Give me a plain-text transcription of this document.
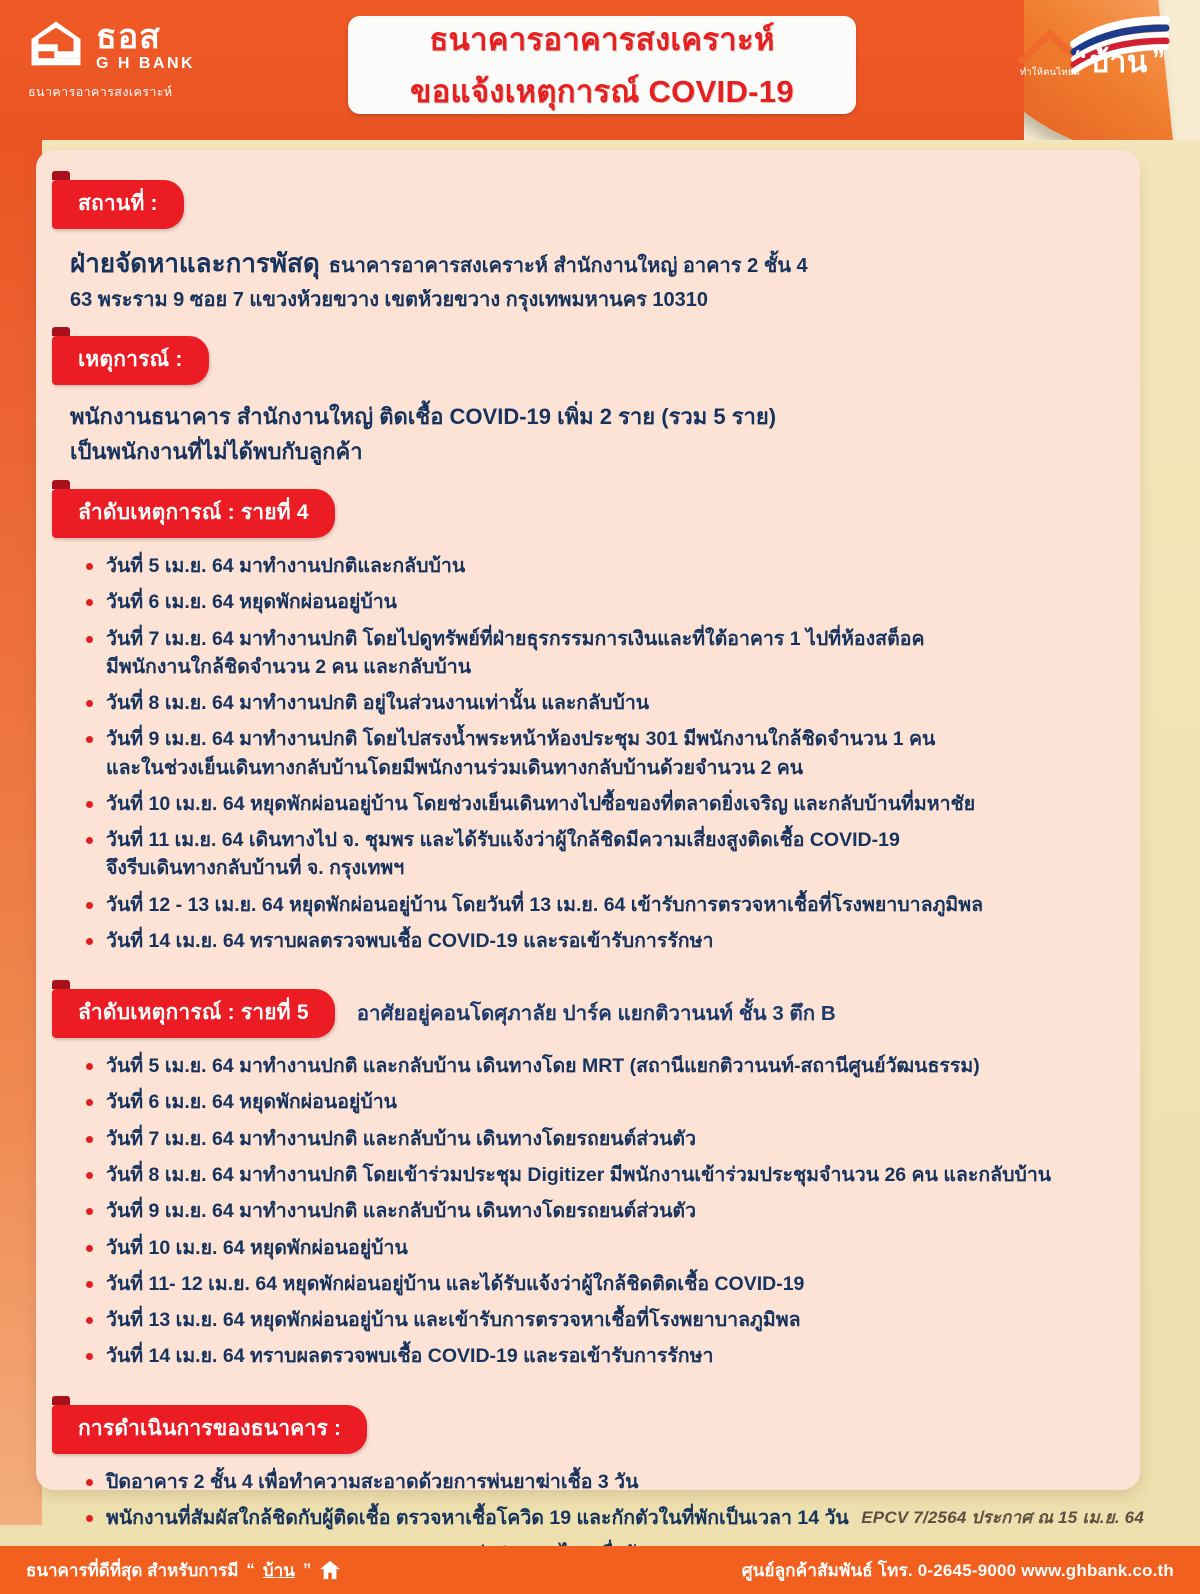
ธอส
G H BANK
ธนาคารอาคารสงเคราะห์
ธนาคารอาคารสงเคราะห์
ขอแจ้งเหตุการณ์ COVID-19
ทำให้คนไทยมี
“ บ้าน ”
สถานที่ :
ฝ่ายจัดหาและการพัสดุ ธนาคารอาคารสงเคราะห์ สำนักงานใหญ่ อาคาร 2 ชั้น 4
63 พระราม 9 ซอย 7 แขวงห้วยขวาง เขตห้วยขวาง กรุงเทพมหานคร 10310
เหตุการณ์ :
พนักงานธนาคาร สำนักงานใหญ่ ติดเชื้อ COVID-19 เพิ่ม 2 ราย (รวม 5 ราย)
เป็นพนักงานที่ไม่ได้พบกับลูกค้า
ลำดับเหตุการณ์ : รายที่ 4
วันที่ 5 เม.ย. 64 มาทำงานปกติและกลับบ้าน
วันที่ 6 เม.ย. 64 หยุดพักผ่อนอยู่บ้าน
วันที่ 7 เม.ย. 64 มาทำงานปกติ โดยไปดูทรัพย์ที่ฝ่ายธุรกรรมการเงินและที่ใต้อาคาร 1 ไปที่ห้องสต็อค
มีพนักงานใกล้ชิดจำนวน 2 คน และกลับบ้าน
วันที่ 8 เม.ย. 64 มาทำงานปกติ อยู่ในส่วนงานเท่านั้น และกลับบ้าน
วันที่ 9 เม.ย. 64 มาทำงานปกติ โดยไปสรงน้ำพระหน้าห้องประชุม 301 มีพนักงานใกล้ชิดจำนวน 1 คน
และในช่วงเย็นเดินทางกลับบ้านโดยมีพนักงานร่วมเดินทางกลับบ้านด้วยจำนวน 2 คน
วันที่ 10 เม.ย. 64 หยุดพักผ่อนอยู่บ้าน โดยช่วงเย็นเดินทางไปซื้อของที่ตลาดยิ่งเจริญ และกลับบ้านที่มหาชัย
วันที่ 11 เม.ย. 64 เดินทางไป จ. ชุมพร และได้รับแจ้งว่าผู้ใกล้ชิดมีความเสี่ยงสูงติดเชื้อ COVID-19
จึงรีบเดินทางกลับบ้านที่ จ. กรุงเทพฯ
วันที่ 12 - 13 เม.ย. 64 หยุดพักผ่อนอยู่บ้าน โดยวันที่ 13 เม.ย. 64 เข้ารับการตรวจหาเชื้อที่โรงพยาบาลภูมิพล
วันที่ 14 เม.ย. 64 ทราบผลตรวจพบเชื้อ COVID-19 และรอเข้ารับการรักษา
ลำดับเหตุการณ์ : รายที่ 5	อาศัยอยู่คอนโดศุภาลัย ปาร์ค แยกติวานนท์ ชั้น 3 ตึก B
วันที่ 5 เม.ย. 64 มาทำงานปกติ และกลับบ้าน เดินทางโดย MRT (สถานีแยกติวานนท์-สถานีศูนย์วัฒนธรรม)
วันที่ 6 เม.ย. 64 หยุดพักผ่อนอยู่บ้าน
วันที่ 7 เม.ย. 64 มาทำงานปกติ และกลับบ้าน เดินทางโดยรถยนต์ส่วนตัว
วันที่ 8 เม.ย. 64 มาทำงานปกติ โดยเข้าร่วมประชุม Digitizer มีพนักงานเข้าร่วมประชุมจำนวน 26 คน และกลับบ้าน
วันที่ 9 เม.ย. 64 มาทำงานปกติ และกลับบ้าน เดินทางโดยรถยนต์ส่วนตัว
วันที่ 10 เม.ย. 64 หยุดพักผ่อนอยู่บ้าน
วันที่ 11- 12 เม.ย. 64 หยุดพักผ่อนอยู่บ้าน และได้รับแจ้งว่าผู้ใกล้ชิดติดเชื้อ COVID-19
วันที่ 13 เม.ย. 64 หยุดพักผ่อนอยู่บ้าน และเข้ารับการตรวจหาเชื้อที่โรงพยาบาลภูมิพล
วันที่ 14 เม.ย. 64 ทราบผลตรวจพบเชื้อ COVID-19 และรอเข้ารับการรักษา
การดำเนินการของธนาคาร :
ปิดอาคาร 2 ชั้น 4 เพื่อทำความสะอาดด้วยการพ่นยาฆ่าเชื้อ 3 วัน
พนักงานที่สัมผัสใกล้ชิดกับผู้ติดเชื้อ ตรวจหาเชื้อโควิด 19 และกักตัวในที่พักเป็นเวลา 14 วัน EPCV 7/2564 ประกาศ ณ 15 เม.ย. 64
ธนาคารที่ดีที่สุด สำหรับการมี “ บ้าน ”	ศูนย์ลูกค้าสัมพันธ์ โทร. 0-2645-9000 www.ghbank.co.th
